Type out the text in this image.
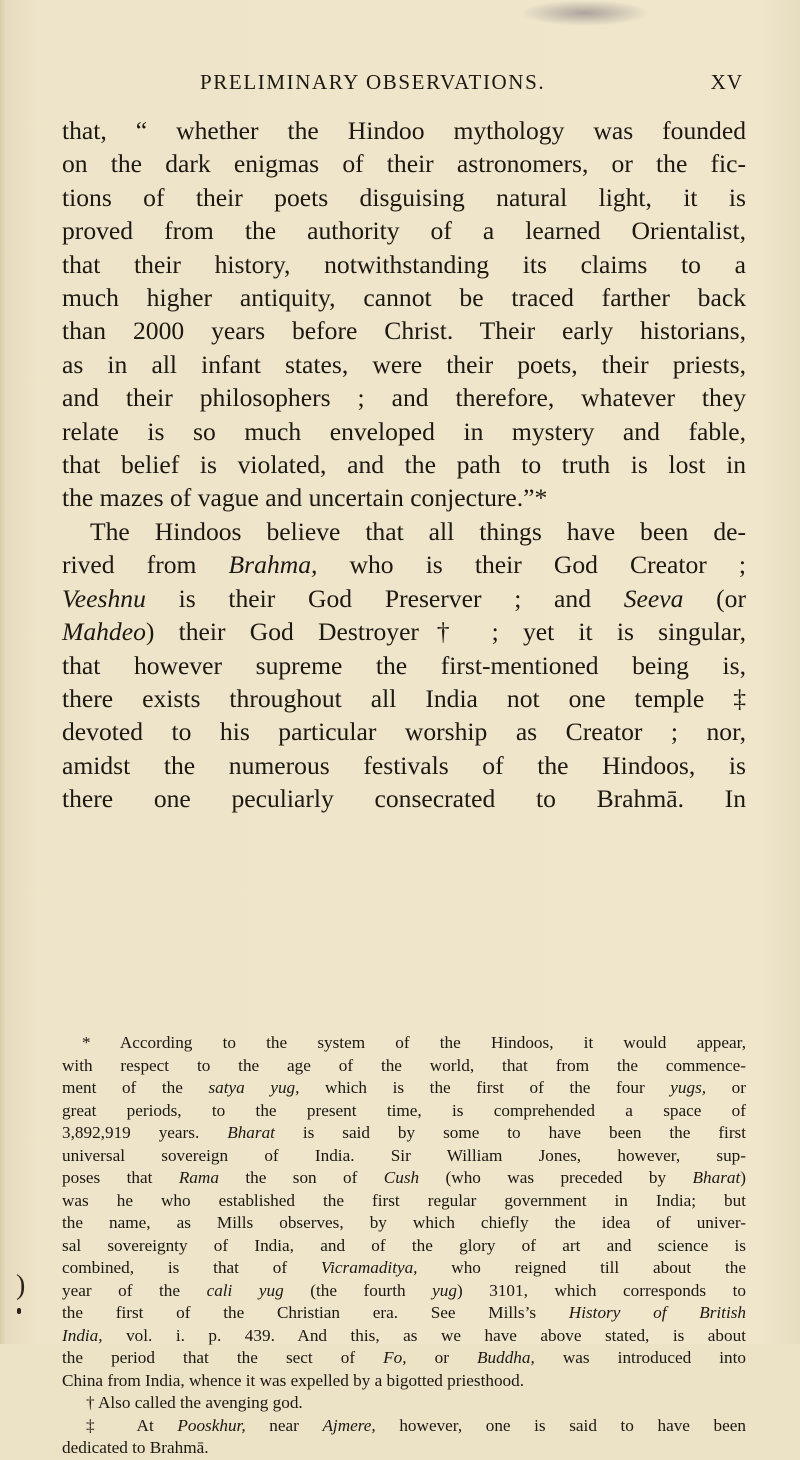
PRELIMINARY OBSERVATIONS.	XV

that, “ whether the Hindoo mythology was founded
on the dark enigmas of their astronomers, or the fic-
tions of their poets disguising natural light, it is
proved from the authority of a learned Orientalist,
that their history, notwithstanding its claims to a
much higher antiquity, cannot be traced farther back
than 2000 years before Christ. Their early historians,
as in all infant states, were their poets, their priests,
and their philosophers ; and therefore, whatever they
relate is so much enveloped in mystery and fable,
that belief is violated, and the path to truth is lost in
the mazes of vague and uncertain conjecture.”*

The Hindoos believe that all things have been de-
rived from Brahma, who is their God Creator ;
Veeshnu is their God Preserver ; and Seeva (or
Mahdeo) their God Destroyer† ; yet it is singular,
that however supreme the first-mentioned being is,
there exists throughout all India not one temple ‡
devoted to his particular worship as Creator ; nor,
amidst the numerous festivals of the Hindoos, is
there one peculiarly consecrated to Brahmā. In

* According to the system of the Hindoos, it would appear,
with respect to the age of the world, that from the commence-
ment of the satya yug, which is the first of the four yugs, or
great periods, to the present time, is comprehended a space of
3,892,919 years. Bharat is said by some to have been the first
universal sovereign of India. Sir William Jones, however, sup-
poses that Rama the son of Cush (who was preceded by Bharat)
was he who established the first regular government in India; but
the name, as Mills observes, by which chiefly the idea of univer-
sal sovereignty of India, and of the glory of art and science is
combined, is that of Vicramaditya, who reigned till about the
year of the cali yug (the fourth yug) 3101, which corresponds to
the first of the Christian era. See Mills’s History of British
India, vol. i. p. 439. And this, as we have above stated, is about
the period that the sect of Fo, or Buddha, was introduced into
China from India, whence it was expelled by a bigotted priesthood.
† Also called the avenging god.
‡ At Pooskhur, near Ajmere, however, one is said to have been
dedicated to Brahmā.
)
